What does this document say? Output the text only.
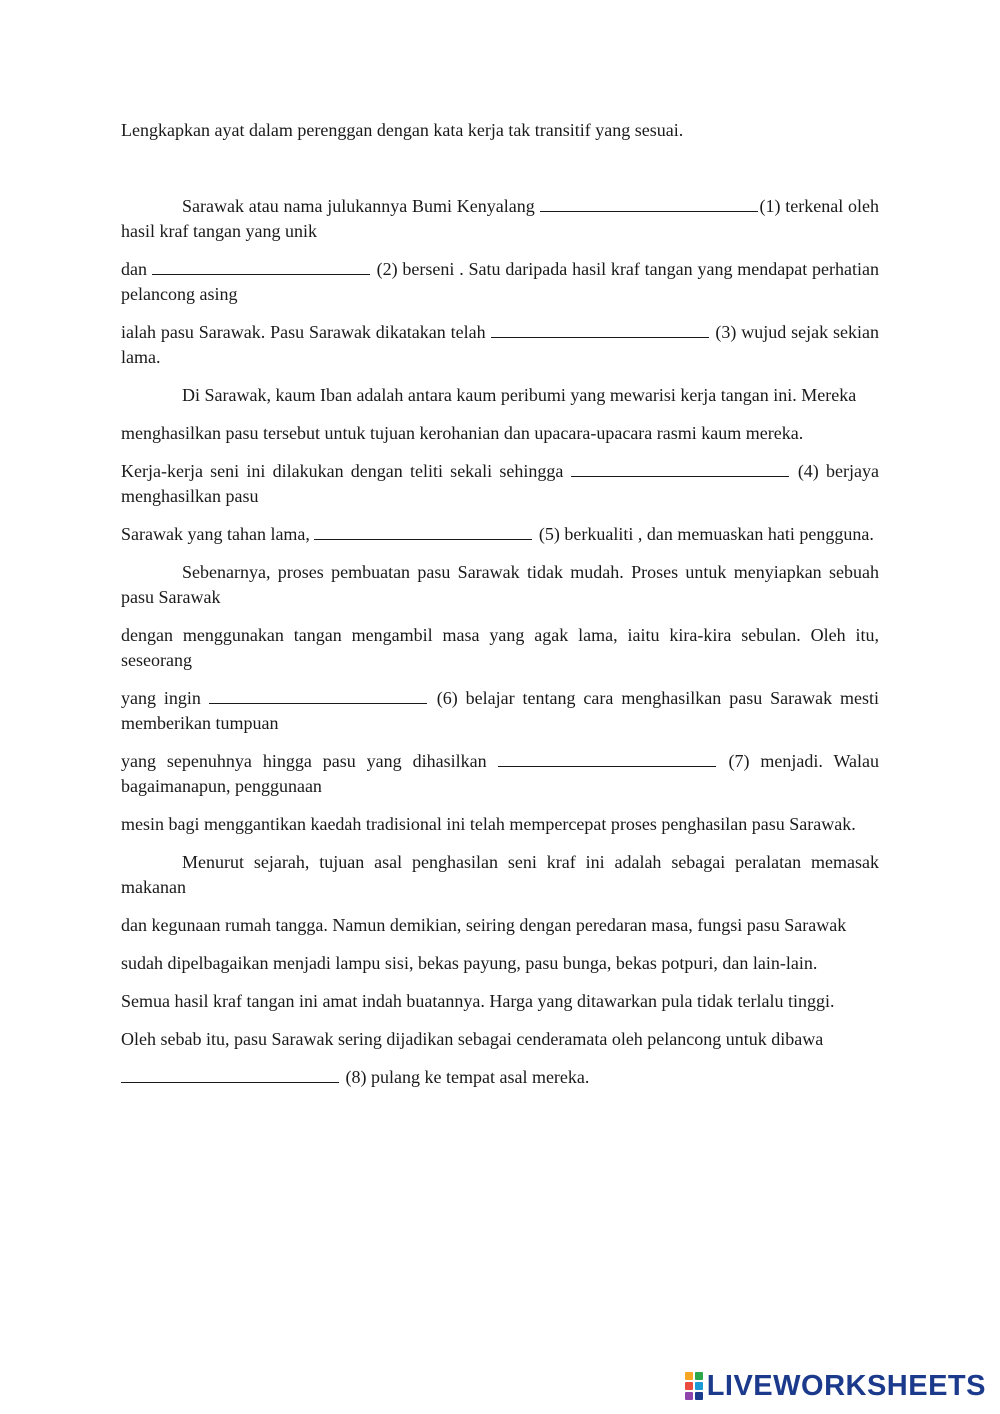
Lengkapkan ayat dalam perenggan dengan kata kerja tak transitif yang sesuai.

Sarawak atau nama julukannya Bumi Kenyalang	(1) terkenal oleh hasil kraf tangan yang unik

dan	(2) berseni . Satu daripada hasil kraf tangan yang mendapat perhatian pelancong asing

ialah pasu Sarawak. Pasu Sarawak dikatakan telah	(3) wujud sejak sekian lama.

Di Sarawak, kaum Iban adalah antara kaum peribumi yang mewarisi kerja tangan ini. Mereka

menghasilkan pasu tersebut untuk tujuan kerohanian dan upacara-upacara rasmi kaum mereka.

Kerja-kerja seni ini dilakukan dengan teliti sekali sehingga	(4) berjaya menghasilkan pasu

Sarawak yang tahan lama,	(5) berkualiti , dan memuaskan hati pengguna.

Sebenarnya, proses pembuatan pasu Sarawak tidak mudah. Proses untuk menyiapkan sebuah pasu Sarawak

dengan menggunakan tangan mengambil masa yang agak lama, iaitu kira-kira sebulan. Oleh itu, seseorang

yang ingin	(6) belajar tentang cara menghasilkan pasu Sarawak mesti memberikan tumpuan

yang sepenuhnya hingga pasu yang dihasilkan	(7) menjadi. Walau bagaimanapun, penggunaan

mesin bagi menggantikan kaedah tradisional ini telah mempercepat proses penghasilan pasu Sarawak.

Menurut sejarah, tujuan asal penghasilan seni kraf ini adalah sebagai peralatan memasak makanan

dan kegunaan rumah tangga. Namun demikian, seiring dengan peredaran masa, fungsi pasu Sarawak

sudah dipelbagaikan menjadi lampu sisi, bekas payung, pasu bunga, bekas potpuri, dan lain-lain.

Semua hasil kraf tangan ini amat indah buatannya. Harga yang ditawarkan pula tidak terlalu tinggi.

Oleh sebab itu, pasu Sarawak sering dijadikan sebagai cenderamata oleh pelancong untuk dibawa

(8) pulang ke tempat asal mereka.

LIVEWORKSHEETS
